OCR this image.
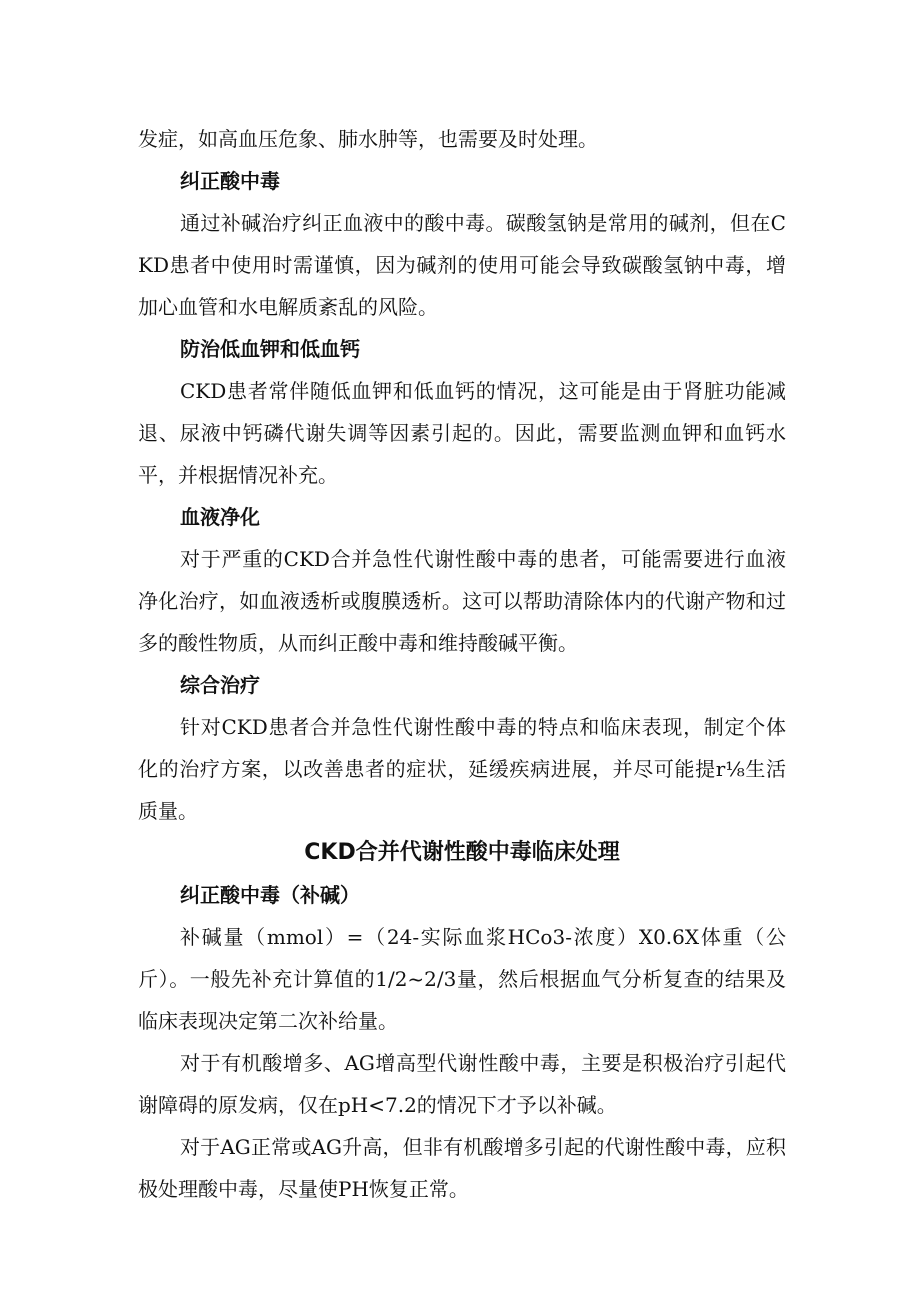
发症，如高血压危象、肺水肿等，也需要及时处理。

纠正酸中毒

通过补碱治疗纠正血液中的酸中毒。碳酸氢钠是常用的碱剂，但在CKD患者中使用时需谨慎，因为碱剂的使用可能会导致碳酸氢钠中毒，增加心血管和水电解质紊乱的风险。

防治低血钾和低血钙

CKD患者常伴随低血钾和低血钙的情况，这可能是由于肾脏功能减退、尿液中钙磷代谢失调等因素引起的。因此，需要监测血钾和血钙水平，并根据情况补充。

血液净化

对于严重的CKD合并急性代谢性酸中毒的患者，可能需要进行血液净化治疗，如血液透析或腹膜透析。这可以帮助清除体内的代谢产物和过多的酸性物质，从而纠正酸中毒和维持酸碱平衡。

综合治疗

针对CKD患者合并急性代谢性酸中毒的特点和临床表现，制定个体化的治疗方案，以改善患者的症状，延缓疾病进展，并尽可能提r⅛生活质量。

CKD合并代谢性酸中毒临床处理
纠正酸中毒（补碱）

补碱量（mmol）=（24-实际血浆HCo3-浓度）X0.6X体重（公斤）。一般先补充计算值的1/2~2/3量，然后根据血气分析复查的结果及临床表现决定第二次补给量。

对于有机酸增多、AG增高型代谢性酸中毒，主要是积极治疗引起代谢障碍的原发病，仅在pH<7.2的情况下才予以补碱。

对于AG正常或AG升高，但非有机酸增多引起的代谢性酸中毒，应积极处理酸中毒，尽量使PH恢复正常。
